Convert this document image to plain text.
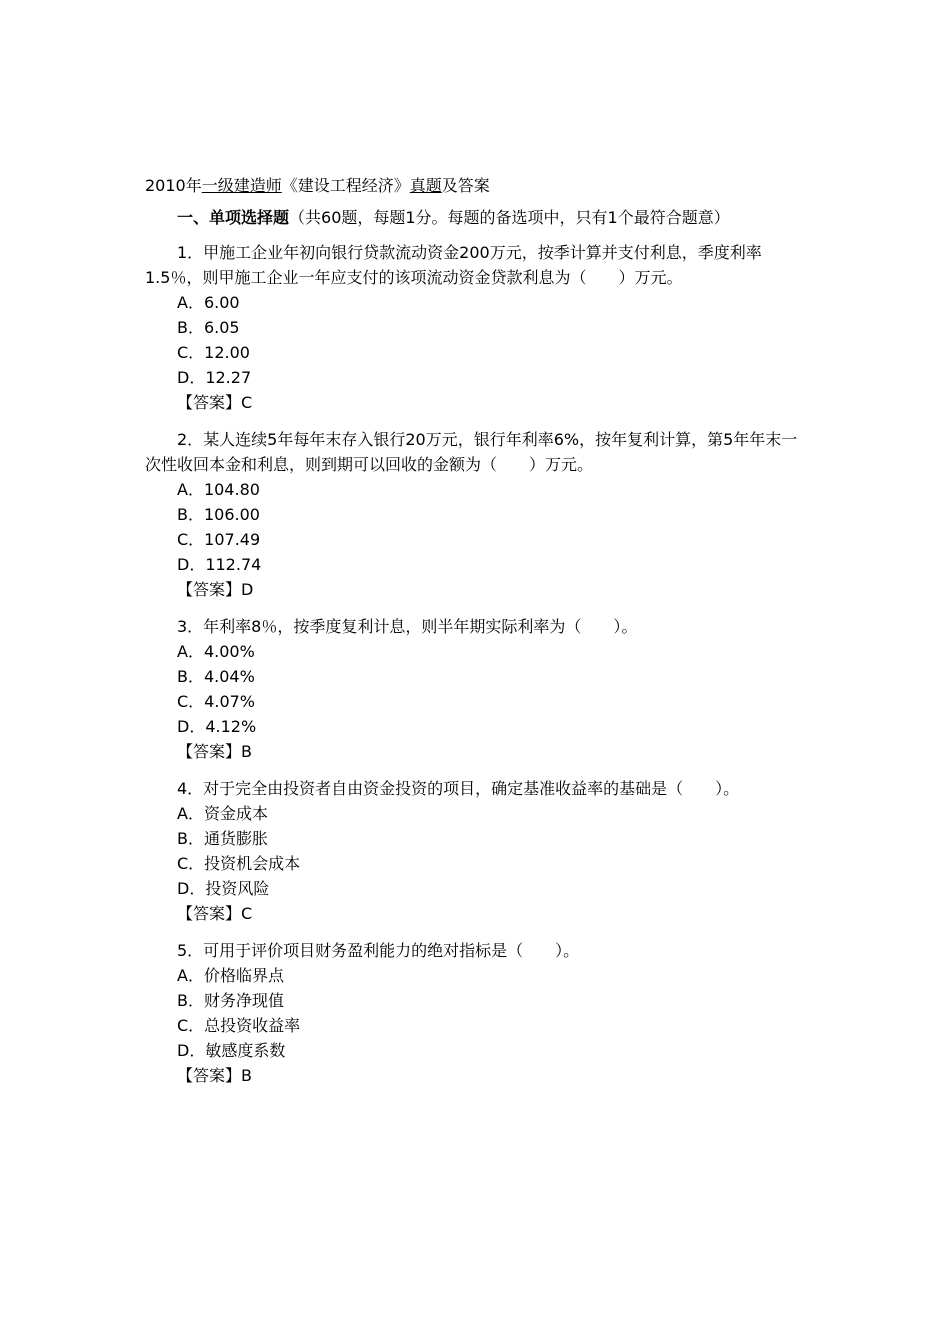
2010年一级建造师《建设工程经济》真题及答案
一、单项选择题（共60题，每题1分。每题的备选项中，只有1个最符合题意）

1．甲施工企业年初向银行贷款流动资金200万元，按季计算并支付利息，季度利率1.5％，则甲施工企业一年应支付的该项流动资金贷款利息为（　　）万元。

A．6.00

B．6.05

C．12.00

D．12.27

【答案】C

2．某人连续5年每年末存入银行20万元，银行年利率6%，按年复利计算，第5年年末一次性收回本金和利息，则到期可以回收的金额为（　　）万元。

A．104.80

B．106.00

C．107.49

D．112.74

【答案】D

3．年利率8％，按季度复利计息，则半年期实际利率为（　　）。

A．4.00%

B．4.04%

C．4.07%

D．4.12%

【答案】B

4．对于完全由投资者自由资金投资的项目，确定基准收益率的基础是（　　）。

A．资金成本

B．通货膨胀

C．投资机会成本

D．投资风险

【答案】C

5．可用于评价项目财务盈利能力的绝对指标是（　　）。

A．价格临界点

B．财务净现值

C．总投资收益率

D．敏感度系数

【答案】B
